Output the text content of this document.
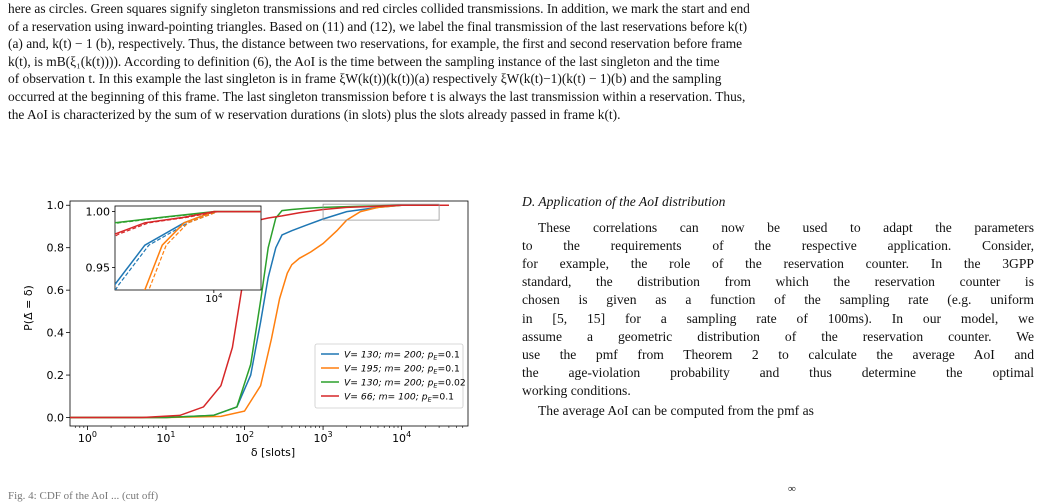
here as circles. Green squares signify singleton transmissions and red circles collided transmissions. In addition, we mark the start and end
of a reservation using inward-pointing triangles. Based on (11) and (12), we label the final transmission of the last reservations before k(t)
(a) and, k(t) − 1 (b), respectively. Thus, the distance between two reservations, for example, the first and second reservation before frame
k(t), is mB(ξ₁(k(t)))). According to definition (6), the AoI is the time between the sampling instance of the last singleton and the time
of observation t. In this example the last singleton is in frame ξW(k(t))(k(t))(a) respectively ξW(k(t)−1)(k(t) − 1)(b) and the sampling
occurred at the beginning of this frame. The last singleton transmission before t is always the last transmission within a reservation. Thus,
the AoI is characterized by the sum of w reservation durations (in slots) plus the slots already passed in frame k(t).

$10^0$	$10^1$	$10^2$	$10^3$	$10^4$
0.0
0.2
0.4
0.6
0.8
1.0 1.00
0.95
$10^4$
V= 130; m= 200; $p_E=0.1$
V= 195; m= 200; $p_E=0.1$
V= 130; m= 200; $p_E=0.02$
V= 66; m= 100; $p_E=0.1$
δ [slots]
P(Δ̄ = δ)

D. Application of the AoI distribution

These correlations can now be used to adapt the parameters
to the requirements of the respective application. Consider,
for example, the role of the reservation counter. In the 3GPP
standard, the distribution from which the reservation counter is
chosen is given as a function of the sampling rate (e.g. uniform
in [5, 15] for a sampling rate of 100ms). In our model, we
assume a geometric distribution of the reservation counter. We
use the pmf from Theorem 2 to calculate the average AoI and
the age-violation probability and thus determine the optimal
working conditions.

The average AoI can be computed from the pmf as

∞
Fig. 4: CDF of the AoI ... (cut off)
